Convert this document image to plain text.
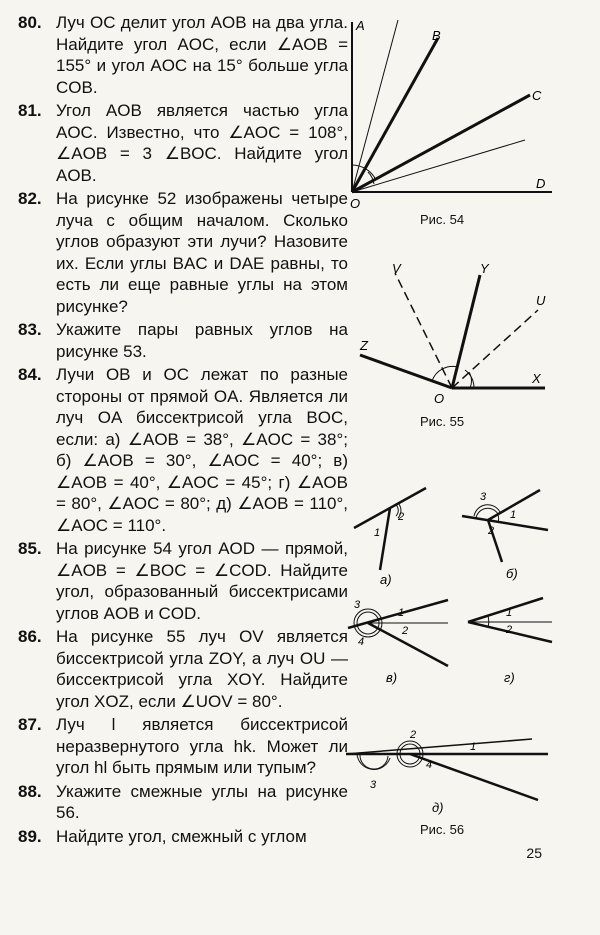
80. Луч OC делит угол AOB на два угла. Найдите угол AOC, если ∠AOB = 155° и угол AOC на 15° больше угла COB.
81. Угол AOB является частью угла AOC. Известно, что ∠AOC = 108°, ∠AOB = 3 ∠BOC. Найдите угол AOB.
82. На рисунке 52 изображены четыре луча с общим началом. Сколько углов образуют эти лучи? Назовите их. Если углы BAC и DAE равны, то есть ли еще равные углы на этом рисунке?
83. Укажите пары равных углов на рисунке 53.
84. Лучи OB и OC лежат по разные стороны от прямой OA. Является ли луч OA биссектрисой угла BOC, если: а) ∠AOB = 38°, ∠AOC = 38°; б) ∠AOB = 30°, ∠AOC = 40°; в) ∠AOB = 40°, ∠AOC = 45°; г) ∠AOB = 80°, ∠AOC = 80°; д) ∠AOB = 110°, ∠AOC = 110°.
85. На рисунке 54 угол AOD — прямой, ∠AOB = ∠BOC = ∠COD. Найдите угол, образованный биссектрисами углов AOB и COD.
86. На рисунке 55 луч OV является биссектрисой угла ZOY, а луч OU — биссектрисой угла XOY. Найдите угол XOZ, если ∠UOV = 80°.
87. Луч l является биссектрисой неразвернутого угла hk. Может ли угол hl быть прямым или тупым?
88. Укажите смежные углы на рисунке 56.
89. Найдите угол, смежный с углом
A
B
C
D
O
Рис. 54
V	Y
U
Z
X
O
Рис. 55
2
1
а)
3
1
2
б)
3
1
2
4
в)
1
2
г)
2
1
4
3
д)
Рис. 56
25
